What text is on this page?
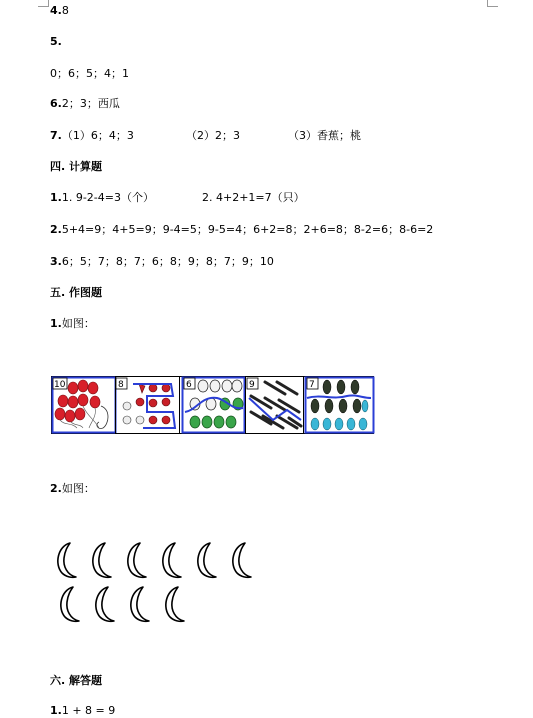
4.8
5.
0；6；5；4；1
6.2；3；西瓜
7.（1）6；4；3	（2）2；3	（3）香蕉；桃
四. 计算题
1.1. 9-2-4=3（个）	2. 4+2+1=7（只）
2.5+4=9；4+5=9；9-4=5；9-5=4；6+2=8；2+6=8；8-2=6；8-6=2
3.6；5；7；8；7；6；8；9；8；7；9；10
五. 作图题
1.如图：
10	8	6	9	7
2.如图：
六. 解答题
1.1 + 8 = 9
